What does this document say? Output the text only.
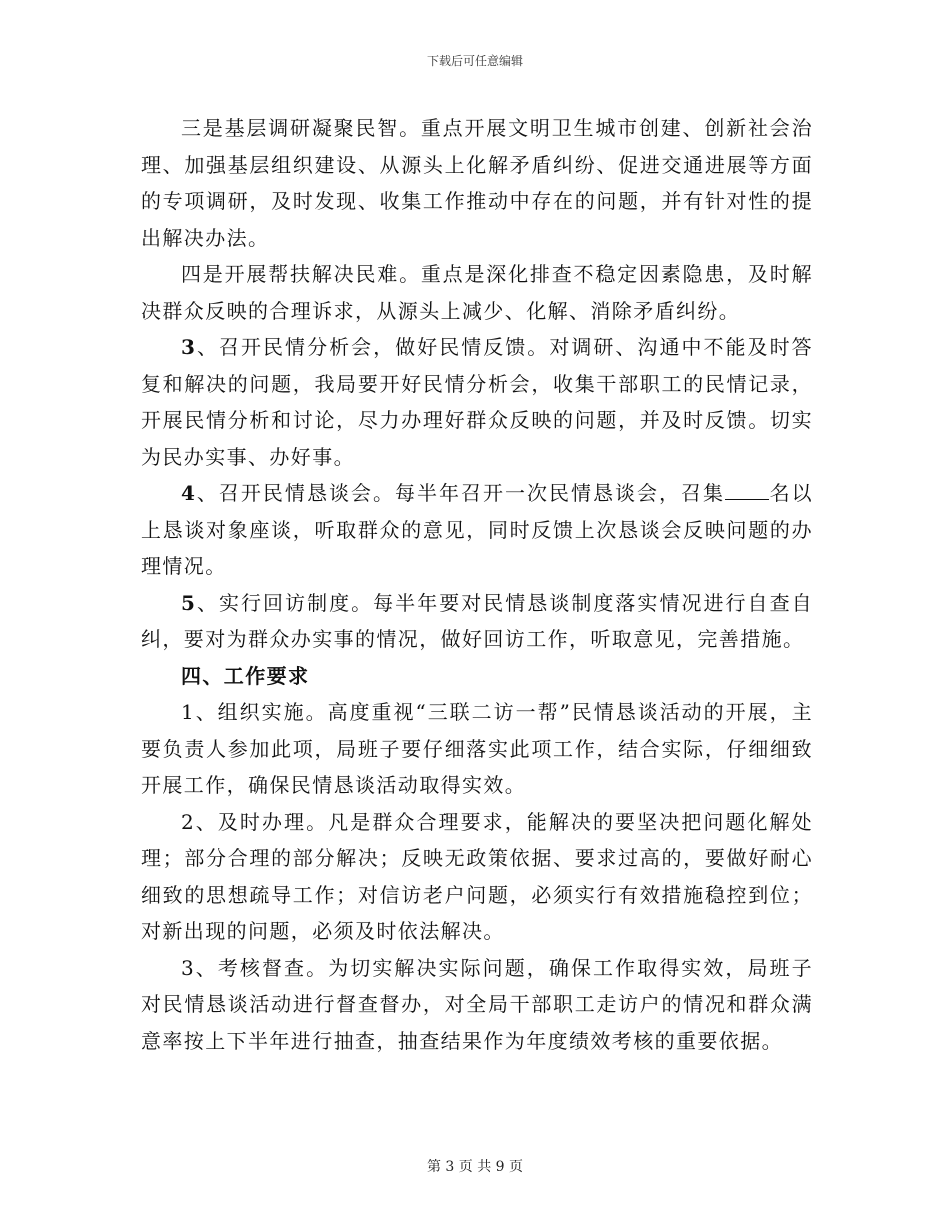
下载后可任意编辑

三是基层调研凝聚民智。重点开展文明卫生城市创建、创新社会治理、加强基层组织建设、从源头上化解矛盾纠纷、促进交通进展等方面的专项调研，及时发现、收集工作推动中存在的问题，并有针对性的提出解决办法。

四是开展帮扶解决民难。重点是深化排查不稳定因素隐患，及时解决群众反映的合理诉求，从源头上减少、化解、消除矛盾纠纷。

3、召开民情分析会，做好民情反馈。对调研、沟通中不能及时答复和解决的问题，我局要开好民情分析会，收集干部职工的民情记录，开展民情分析和讨论，尽力办理好群众反映的问题，并及时反馈。切实为民办实事、办好事。

4、召开民情恳谈会。每半年召开一次民情恳谈会，召集 名以上恳谈对象座谈，听取群众的意见，同时反馈上次恳谈会反映问题的办理情况。

5、实行回访制度。每半年要对民情恳谈制度落实情况进行自查自纠，要对为群众办实事的情况，做好回访工作，听取意见，完善措施。

四、工作要求

1、组织实施。高度重视“三联二访一帮”民情恳谈活动的开展，主要负责人参加此项，局班子要仔细落实此项工作，结合实际，仔细细致开展工作，确保民情恳谈活动取得实效。

2、及时办理。凡是群众合理要求，能解决的要坚决把问题化解处理；部分合理的部分解决；反映无政策依据、要求过高的，要做好耐心细致的思想疏导工作；对信访老户问题，必须实行有效措施稳控到位；对新出现的问题，必须及时依法解决。

3、考核督查。为切实解决实际问题，确保工作取得实效，局班子对民情恳谈活动进行督查督办，对全局干部职工走访户的情况和群众满意率按上下半年进行抽查，抽查结果作为年度绩效考核的重要依据。

第 3 页 共 9 页
